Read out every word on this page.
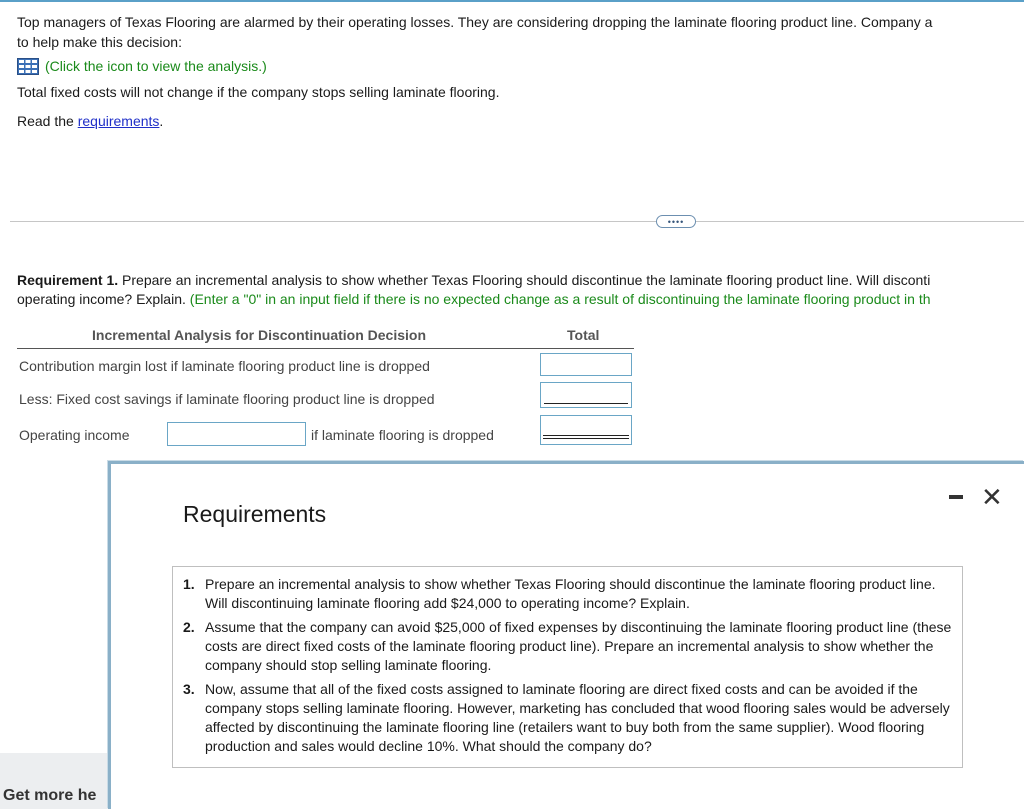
Top managers of Texas Flooring are alarmed by their operating losses. They are considering dropping the laminate flooring product line. Company a
to help make this decision:
(Click the icon to view the analysis.)
Total fixed costs will not change if the company stops selling laminate flooring.
Read the requirements.
••••
Requirement 1. Prepare an incremental analysis to show whether Texas Flooring should discontinue the laminate flooring product line. Will disconti
operating income? Explain. (Enter a "0" in an input field if there is no expected change as a result of discontinuing the laminate flooring product in th
Incremental Analysis for Discontinuation Decision	Total
Contribution margin lost if laminate flooring product line is dropped
Less: Fixed cost savings if laminate flooring product line is dropped
Operating income	if laminate flooring is dropped
Get more he
Requirements
✕
1. Prepare an incremental analysis to show whether Texas Flooring should discontinue the laminate flooring product line. Will discontinuing laminate flooring add $24,000 to operating income? Explain.
2. Assume that the company can avoid $25,000 of fixed expenses by discontinuing the laminate flooring product line (these costs are direct fixed costs of the laminate flooring product line). Prepare an incremental analysis to show whether the company should stop selling laminate flooring.
3. Now, assume that all of the fixed costs assigned to laminate flooring are direct fixed costs and can be avoided if the company stops selling laminate flooring. However, marketing has concluded that wood flooring sales would be adversely affected by discontinuing the laminate flooring line (retailers want to buy both from the same supplier). Wood flooring production and sales would decline 10%. What should the company do?
